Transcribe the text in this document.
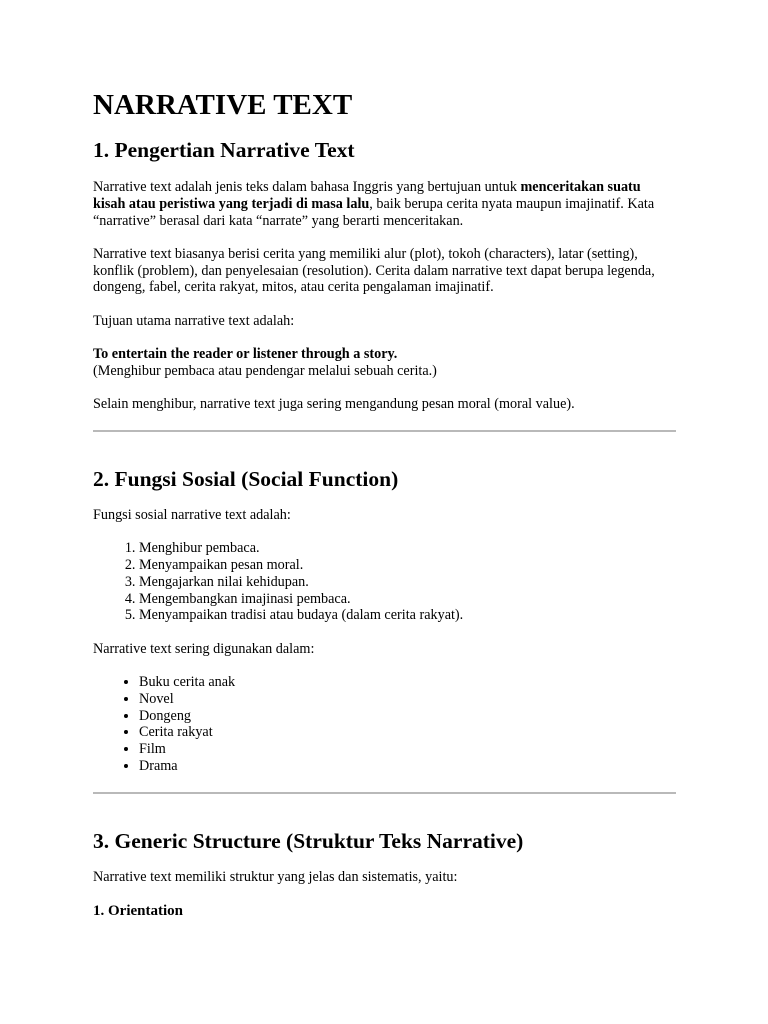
NARRATIVE TEXT
1. Pengertian Narrative Text

Narrative text adalah jenis teks dalam bahasa Inggris yang bertujuan untuk menceritakan suatu kisah atau peristiwa yang terjadi di masa lalu, baik berupa cerita nyata maupun imajinatif. Kata “narrative” berasal dari kata “narrate” yang berarti menceritakan.

Narrative text biasanya berisi cerita yang memiliki alur (plot), tokoh (characters), latar (setting), konflik (problem), dan penyelesaian (resolution). Cerita dalam narrative text dapat berupa legenda, dongeng, fabel, cerita rakyat, mitos, atau cerita pengalaman imajinatif.

Tujuan utama narrative text adalah:

To entertain the reader or listener through a story.
(Menghibur pembaca atau pendengar melalui sebuah cerita.)

Selain menghibur, narrative text juga sering mengandung pesan moral (moral value).

2. Fungsi Sosial (Social Function)

Fungsi sosial narrative text adalah:

1. Menghibur pembaca.
2. Menyampaikan pesan moral.
3. Mengajarkan nilai kehidupan.
4. Mengembangkan imajinasi pembaca.
5. Menyampaikan tradisi atau budaya (dalam cerita rakyat).

Narrative text sering digunakan dalam:

• Buku cerita anak
• Novel
• Dongeng
• Cerita rakyat
• Film
• Drama
3. Generic Structure (Struktur Teks Narrative)

Narrative text memiliki struktur yang jelas dan sistematis, yaitu:

1. Orientation
